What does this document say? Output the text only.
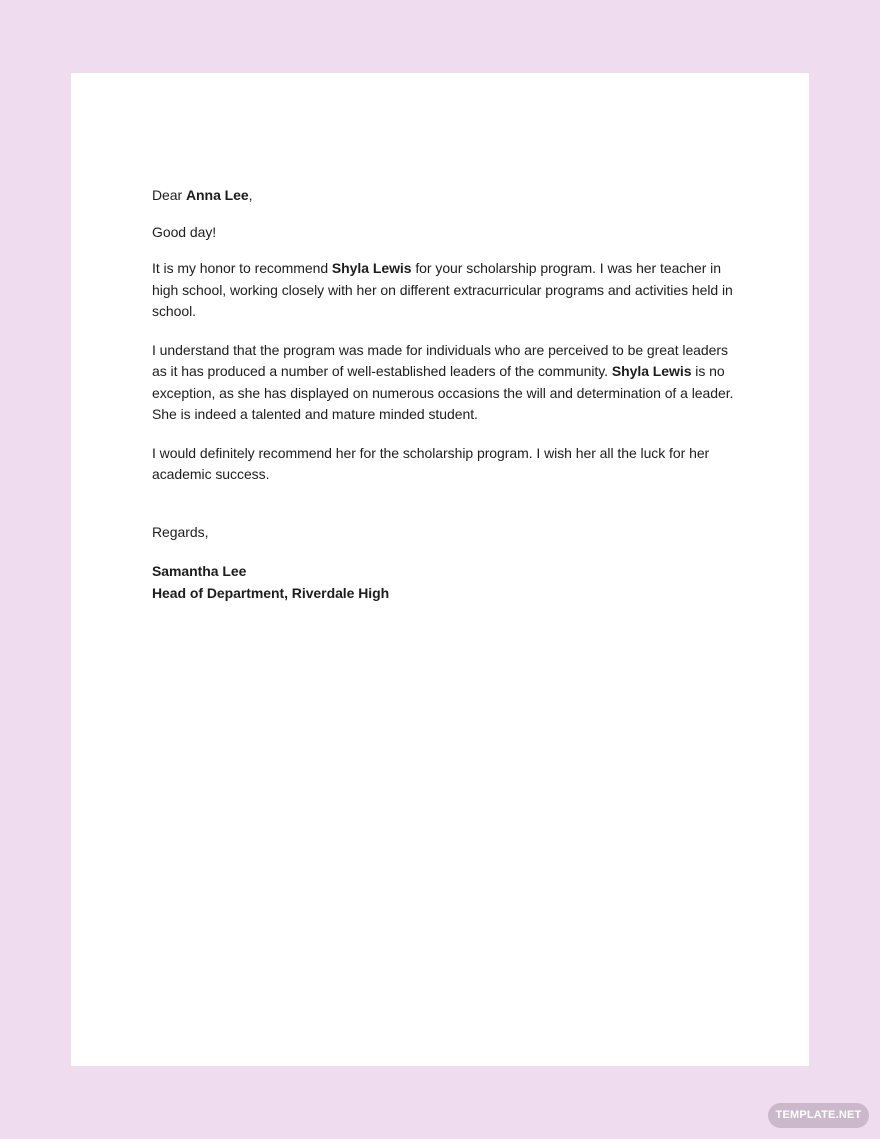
Dear Anna Lee,

Good day!

It is my honor to recommend Shyla Lewis for your scholarship program. I was her teacher in high school, working closely with her on different extracurricular programs and activities held in school.

I understand that the program was made for individuals who are perceived to be great leaders as it has produced a number of well-established leaders of the community. Shyla Lewis is no exception, as she has displayed on numerous occasions the will and determination of a leader. She is indeed a talented and mature minded student.

I would definitely recommend her for the scholarship program. I wish her all the luck for her academic success.

Regards,

Samantha Lee

Head of Department, Riverdale High

TEMPLATE.NET
